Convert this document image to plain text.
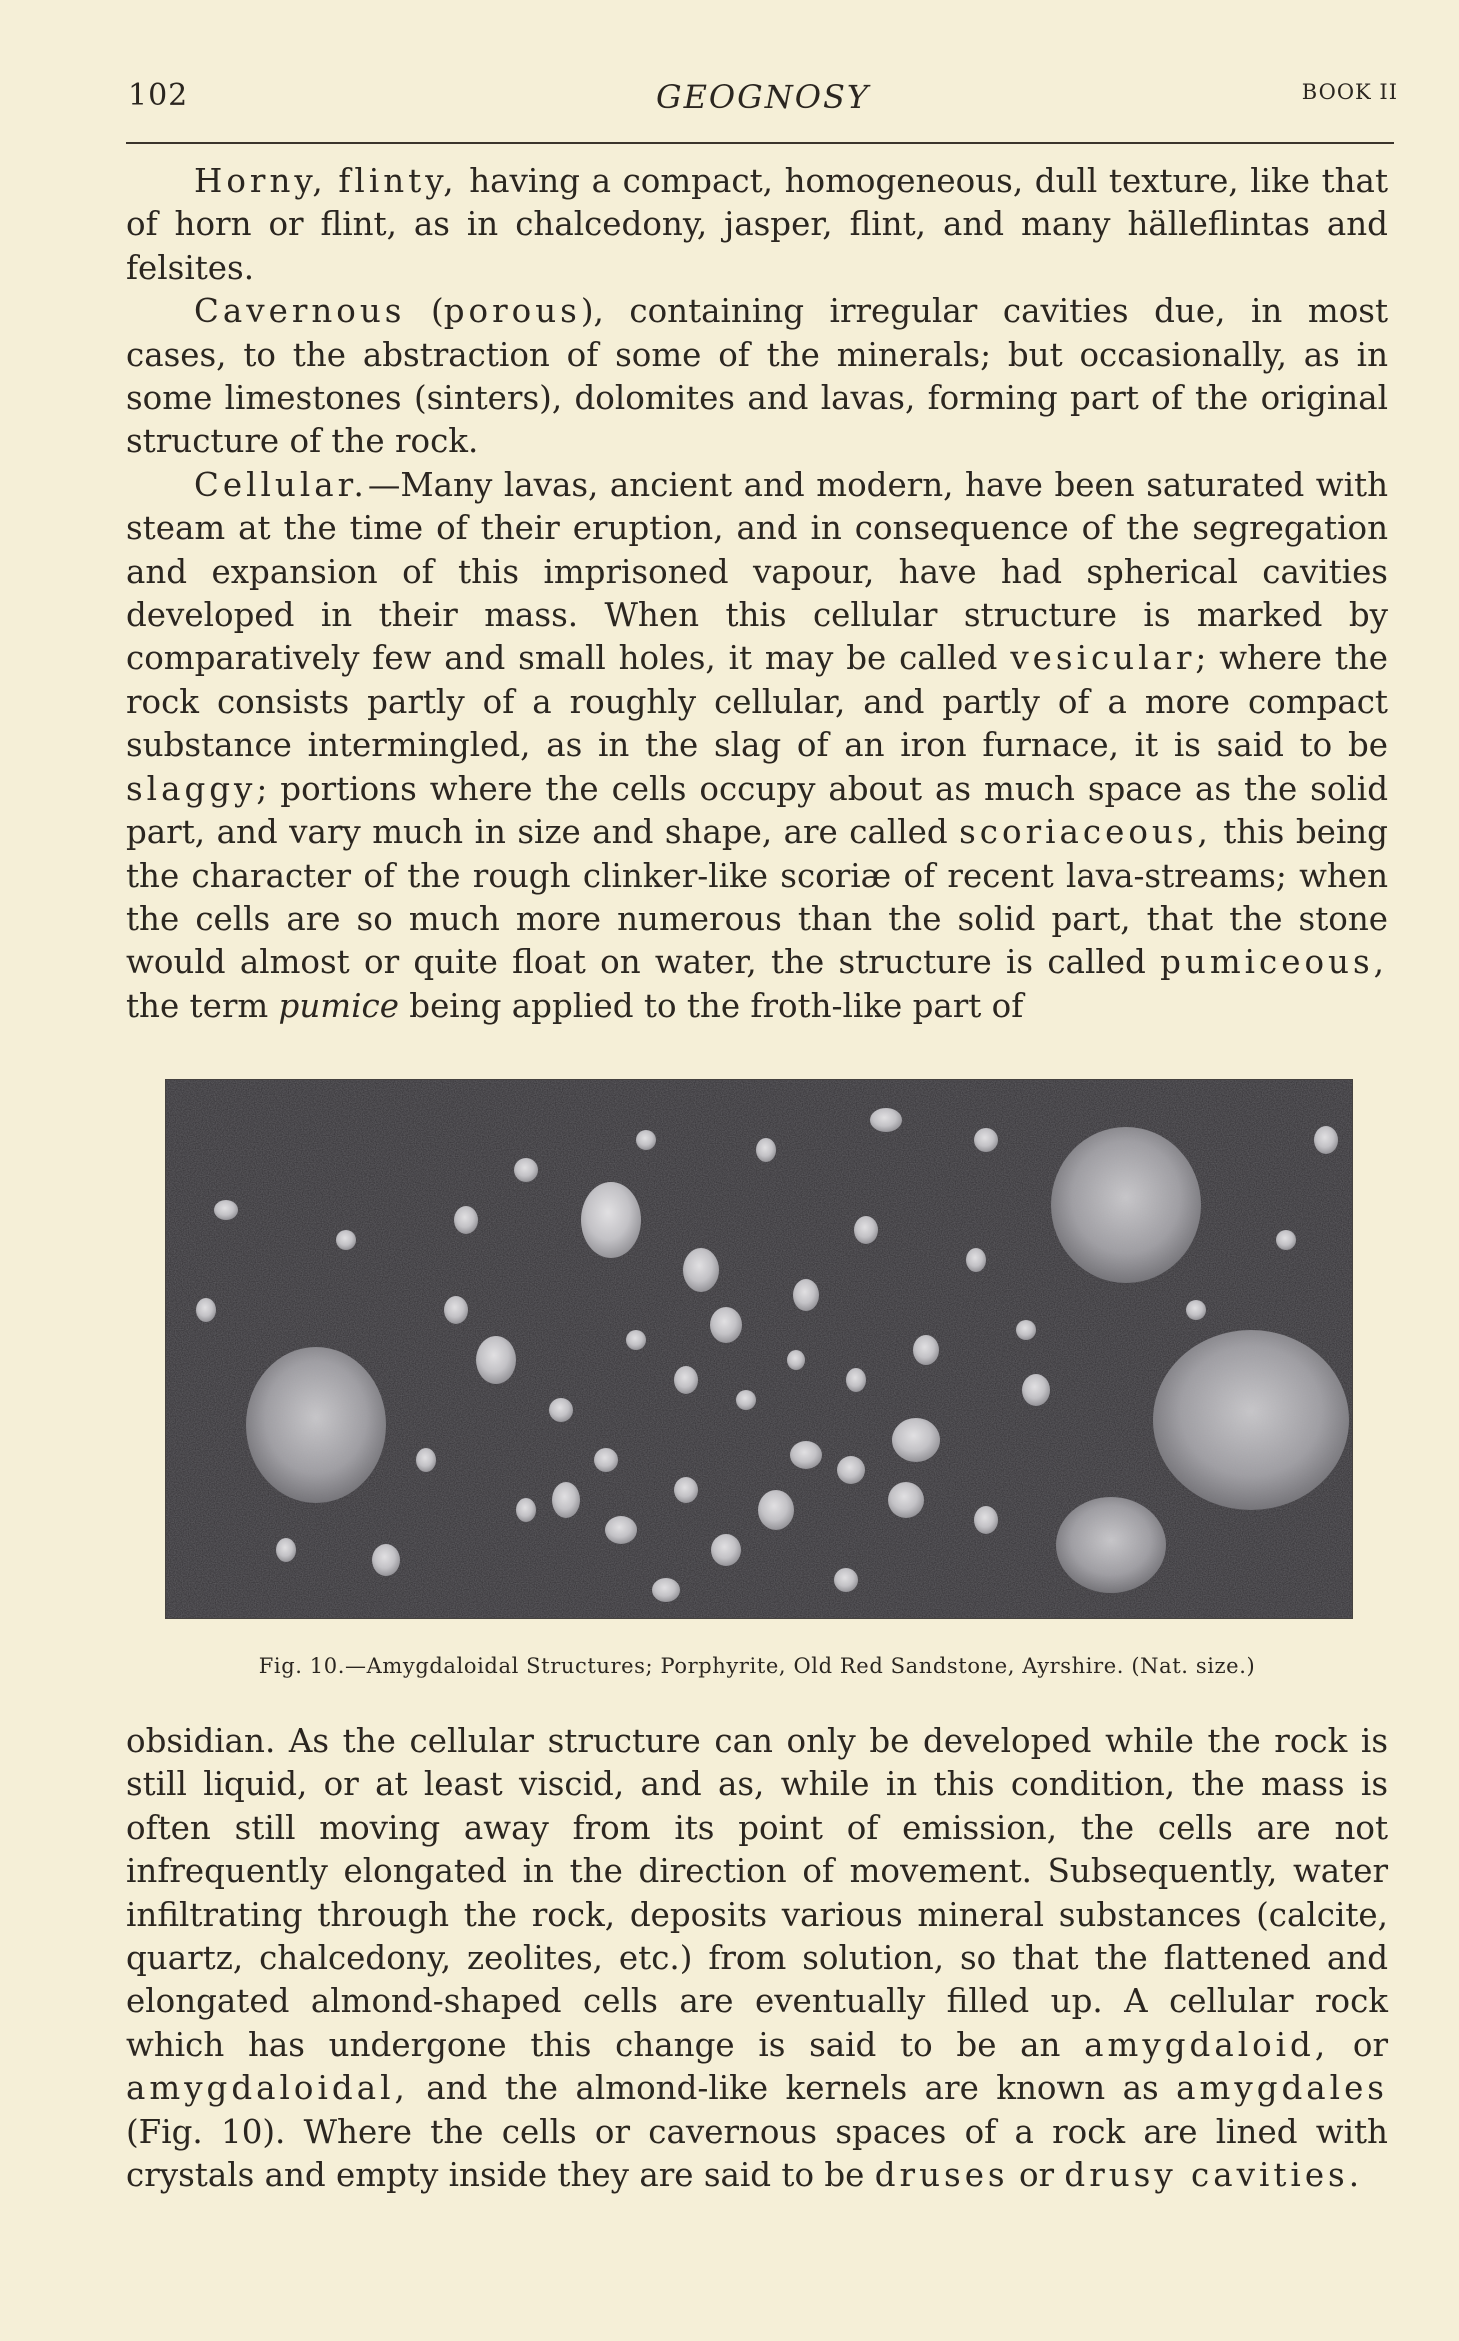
102	GEOGNOSY	BOOK II

Horny, flinty, having a compact, homogeneous, dull texture, like that of horn or flint, as in chalcedony, jasper, flint, and many hälleflintas and felsites.

Cavernous (porous), containing irregular cavities due, in most cases, to the abstraction of some of the minerals; but occasionally, as in some limestones (sinters), dolomites and lavas, forming part of the original structure of the rock.

Cellular.—Many lavas, ancient and modern, have been saturated with steam at the time of their eruption, and in consequence of the segregation and expansion of this imprisoned vapour, have had spherical cavities developed in their mass. When this cellular structure is marked by comparatively few and small holes, it may be called vesicular; where the rock consists partly of a roughly cellular, and partly of a more compact substance intermingled, as in the slag of an iron furnace, it is said to be slaggy; portions where the cells occupy about as much space as the solid part, and vary much in size and shape, are called scoriaceous, this being the character of the rough clinker-like scoriæ of recent lava-streams; when the cells are so much more numerous than the solid part, that the stone would almost or quite float on water, the structure is called pumiceous, the term pumice being applied to the froth-like part of

Fig. 10.—Amygdaloidal Structures; Porphyrite, Old Red Sandstone, Ayrshire. (Nat. size.)

obsidian. As the cellular structure can only be developed while the rock is still liquid, or at least viscid, and as, while in this condition, the mass is often still moving away from its point of emission, the cells are not infrequently elongated in the direction of movement. Subsequently, water infiltrating through the rock, deposits various mineral substances (calcite, quartz, chalcedony, zeolites, etc.) from solution, so that the flattened and elongated almond-shaped cells are eventually filled up. A cellular rock which has undergone this change is said to be an amygdaloid, or amygdaloidal, and the almond-like kernels are known as amygdales (Fig. 10). Where the cells or cavernous spaces of a rock are lined with crystals and empty inside they are said to be druses or drusy cavities.
